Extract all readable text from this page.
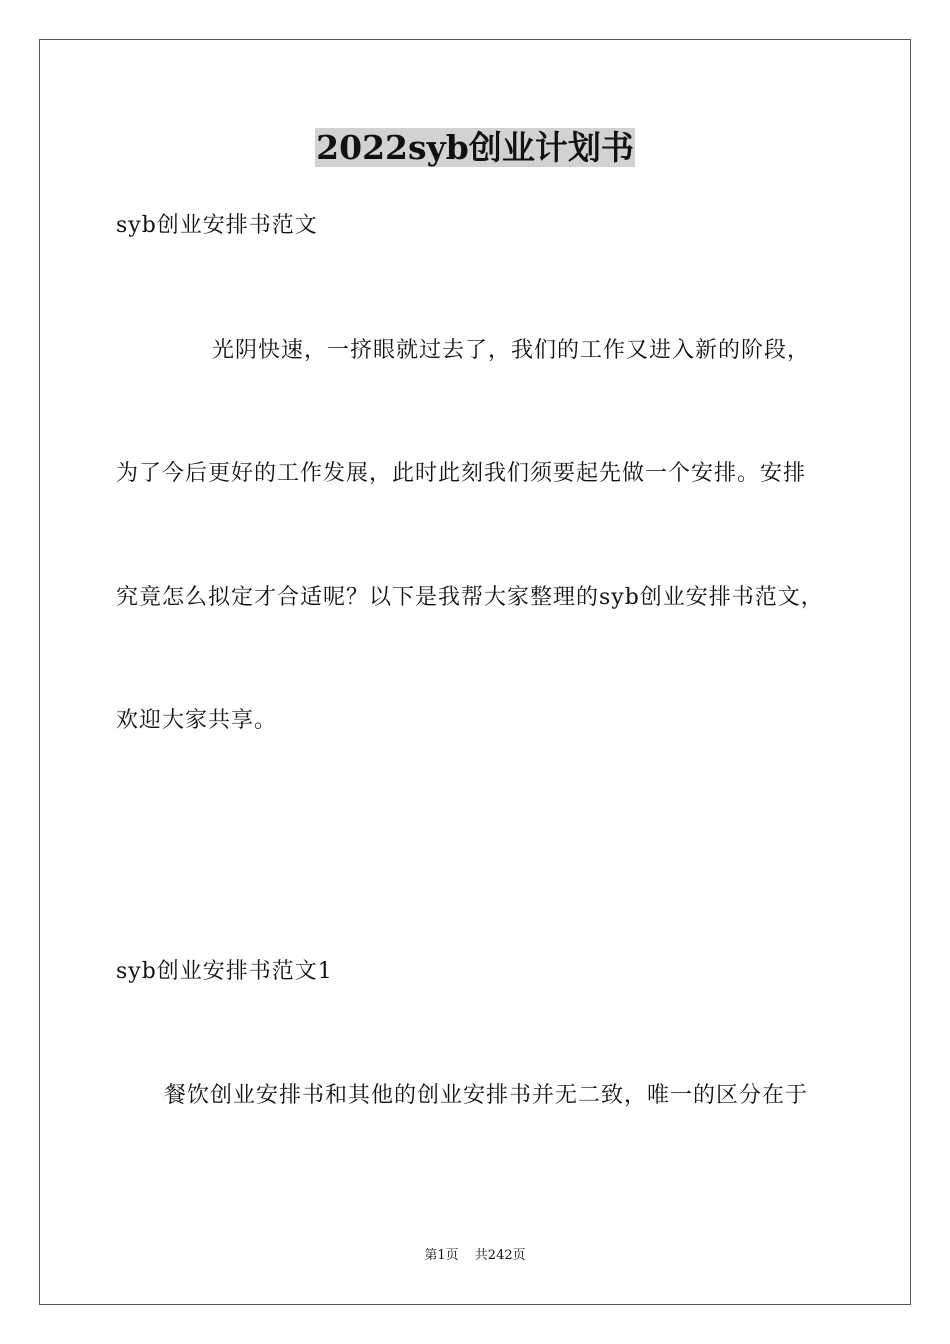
2022syb创业计划书
syb创业安排书范文
光阴快速，一挤眼就过去了，我们的工作又进入新的阶段，
为了今后更好的工作发展，此时此刻我们须要起先做一个安排。安排
究竟怎么拟定才合适呢？以下是我帮大家整理的syb创业安排书范文，
欢迎大家共享。
syb创业安排书范文1
餐饮创业安排书和其他的创业安排书并无二致，唯一的区分在于
第1页 共242页
